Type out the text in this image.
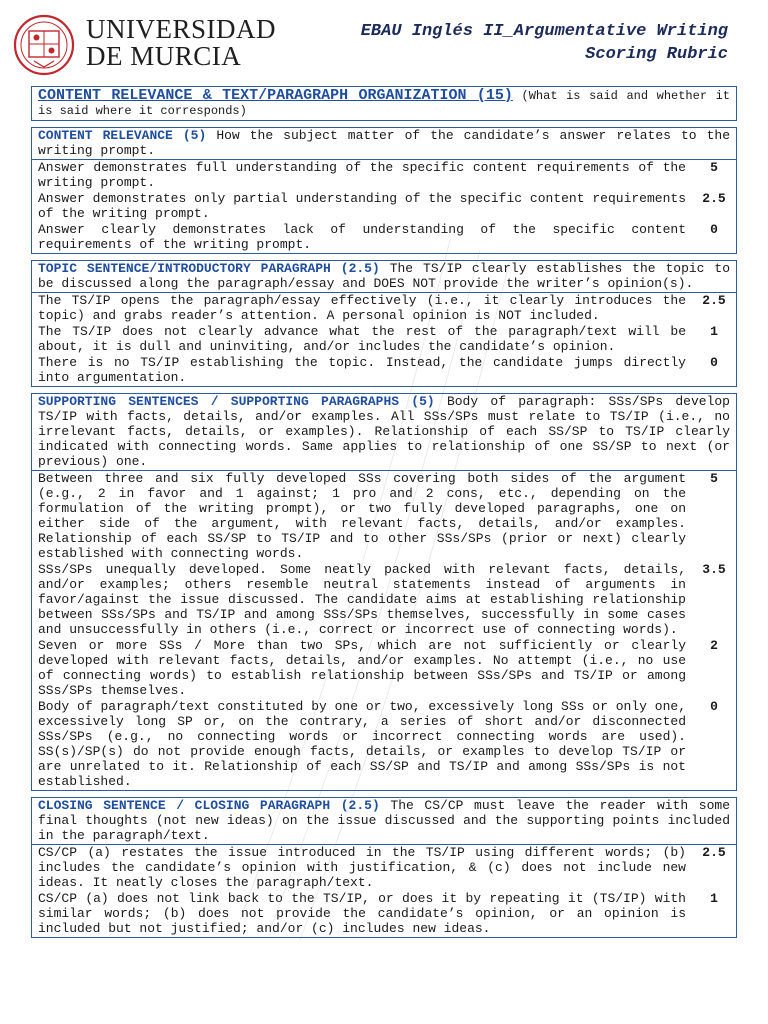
UNIVERSIDAD
DE MURCIA
EBAU Inglés II_Argumentative Writing
Scoring Rubric
CONTENT RELEVANCE & TEXT/PARAGRAPH ORGANIZATION (15) (What is said and whether it is said where it corresponds)
CONTENT RELEVANCE (5) How the subject matter of the candidate’s answer relates to the writing prompt.
Answer demonstrates full understanding of the specific content requirements of the writing prompt.
5
Answer demonstrates only partial understanding of the specific content requirements of the writing prompt.
2.5
Answer clearly demonstrates lack of understanding of the specific content requirements of the writing prompt.
0
TOPIC SENTENCE/INTRODUCTORY PARAGRAPH (2.5) The TS/IP clearly establishes the topic to be discussed along the paragraph/essay and DOES NOT provide the writer’s opinion(s).
The TS/IP opens the paragraph/essay effectively (i.e., it clearly introduces the topic) and grabs reader’s attention. A personal opinion is NOT included.
2.5
The TS/IP does not clearly advance what the rest of the paragraph/text will be about, it is dull and uninviting, and/or includes the candidate’s opinion.
1
There is no TS/IP establishing the topic. Instead, the candidate jumps directly into argumentation.
0
SUPPORTING SENTENCES / SUPPORTING PARAGRAPHS (5) Body of paragraph: SSs/SPs develop TS/IP with facts, details, and/or examples. All SSs/SPs must relate to TS/IP (i.e., no irrelevant facts, details, or examples). Relationship of each SS/SP to TS/IP clearly indicated with connecting words. Same applies to relationship of one SS/SP to next (or previous) one.
Between three and six fully developed SSs covering both sides of the argument (e.g., 2 in favor and 1 against; 1 pro and 2 cons, etc., depending on the formulation of the writing prompt), or two fully developed paragraphs, one on either side of the argument, with relevant facts, details, and/or examples. Relationship of each SS/SP to TS/IP and to other SSs/SPs (prior or next) clearly established with connecting words.
5
SSs/SPs unequally developed. Some neatly packed with relevant facts, details, and/or examples; others resemble neutral statements instead of arguments in favor/against the issue discussed. The candidate aims at establishing relationship between SSs/SPs and TS/IP and among SSs/SPs themselves, successfully in some cases and unsuccessfully in others (i.e., correct or incorrect use of connecting words).
3.5
Seven or more SSs / More than two SPs, which are not sufficiently or clearly developed with relevant facts, details, and/or examples. No attempt (i.e., no use of connecting words) to establish relationship between SSs/SPs and TS/IP or among SSs/SPs themselves.
2
Body of paragraph/text constituted by one or two, excessively long SSs or only one, excessively long SP or, on the contrary, a series of short and/or disconnected SSs/SPs (e.g., no connecting words or incorrect connecting words are used). SS(s)/SP(s) do not provide enough facts, details, or examples to develop TS/IP or are unrelated to it. Relationship of each SS/SP and TS/IP and among SSs/SPs is not established.
0
CLOSING SENTENCE / CLOSING PARAGRAPH (2.5) The CS/CP must leave the reader with some final thoughts (not new ideas) on the issue discussed and the supporting points included in the paragraph/text.
CS/CP (a) restates the issue introduced in the TS/IP using different words; (b) includes the candidate’s opinion with justification, & (c) does not include new ideas. It neatly closes the paragraph/text.
2.5
CS/CP (a) does not link back to the TS/IP, or does it by repeating it (TS/IP) with similar words; (b) does not provide the candidate’s opinion, or an opinion is included but not justified; and/or (c) includes new ideas.
1
